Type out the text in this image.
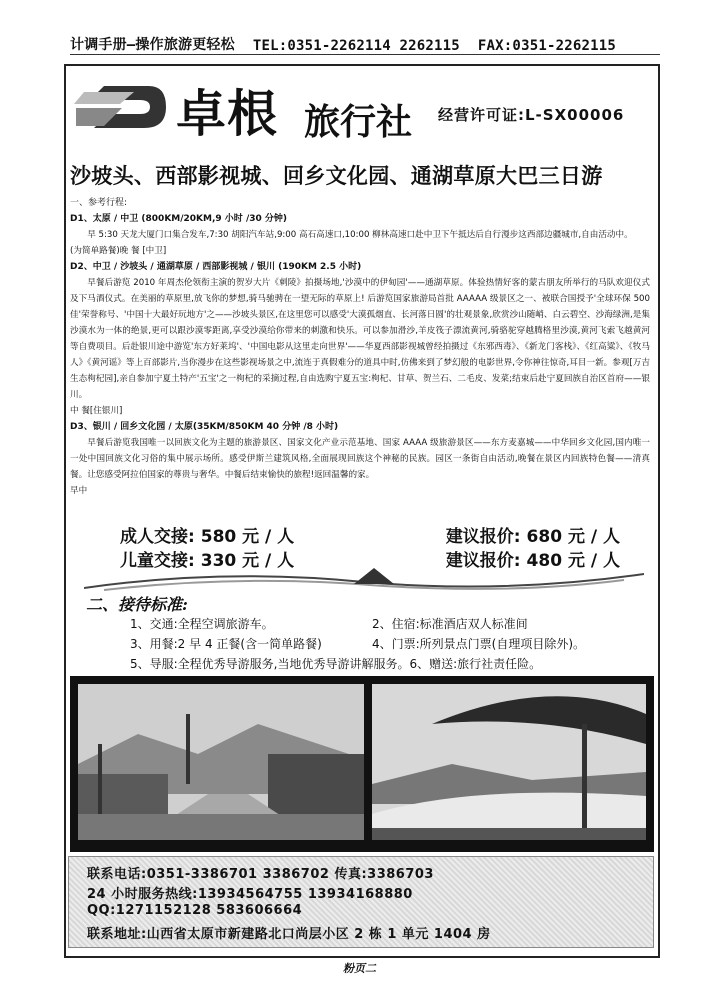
计调手册—操作旅游更轻松 TEL:0351-2262114 2262115 FAX:0351-2262115
卓根 旅行社 经营许可证:L-SX00006
沙坡头、西部影视城、回乡文化园、通湖草原大巴三日游
一、参考行程:
D1、太原 / 中卫 (800KM/20KM,9 小时 /30 分钟)

早 5:30 天龙大厦门口集合发车,7:30 胡阳汽车站,9:00 高石高速口,10:00 柳林高速口赴中卫下午抵达后自行漫步这西部边疆城市,自由活动中。

(为简单路餐)晚 餐 [中卫]

D2、中卫 / 沙坡头 / 通湖草原 / 西部影视城 / 银川 (190KM 2.5 小时)

早餐后游览 2010 年周杰伦领衔主演的贺岁大片《刺陵》拍摄场地,'沙漠中的伊甸园'——通湖草原。体验热情好客的蒙古朋友所举行的马队欢迎仪式及下马酒仪式。在美丽的草原里,放飞你的梦想,骑马驰骋在一望无际的草原上! 后游览国家旅游局首批 AAAAA 级景区之一、被联合国授予'全球环保 500 佳'荣誉称号、'中国十大最好玩地方'之——沙坡头景区,在这里您可以感受'大漠孤烟直、长河落日圆'的壮观景象,欣赏沙山随峭、白云碧空、沙海绿洲,是集沙漠水为一体的绝景,更可以跟沙漠零距离,享受沙漠给你带来的刺激和快乐。可以参加滑沙,羊皮筏子漂流黄河,骑骆驼穿越腾格里沙漠,黄河飞索飞越黄河等自费项目。后赴银川途中游览'东方好莱坞'、'中国电影从这里走向世界'——华夏西部影视城曾经拍摄过《东邪西毒》、《新龙门客栈》、《红高粱》、《牧马人》《黄河谣》等上百部影片,当你漫步在这些影视场景之中,流连于真假难分的道具中时,仿佛来到了梦幻般的电影世界,令你神往惊奇,耳目一新。参观[万吉生态枸杞园],亲自参加宁夏土特产'五宝'之一枸杞的采摘过程,自由选购宁夏五宝:枸杞、甘草、贺兰石、二毛皮、发菜;结束后赴宁夏回族自治区首府——银川。

中 餐[住银川]

D3、银川 / 回乡文化园 / 太原(35KM/850KM 40 分钟 /8 小时)

早餐后游览我国唯一以回族文化为主题的旅游景区、国家文化产业示范基地、国家 AAAA 级旅游景区——东方麦嘉城——中华回乡文化园,国内唯一一处中国回族文化习俗的集中展示场所。感受伊斯兰建筑风格,全面展现回族这个神秘的民族。园区一条街自由活动,晚餐在景区内回族特色餐——清真餐。让您感受阿拉伯国家的尊贵与奢华。中餐后结束愉快的旅程!返回温馨的家。

早中

成人交接: 580 元 / 人	建议报价: 680 元 / 人
儿童交接: 330 元 / 人	建议报价: 480 元 / 人
二、接待标准:
1、交通:全程空调旅游车。	2、住宿:标准酒店双人标准间
3、用餐:2 早 4 正餐(含一简单路餐)	4、门票:所列景点门票(自理项目除外)。
5、导服:全程优秀导游服务,当地优秀导游讲解服务。6、赠送:旅行社责任险。
联系电话:0351-3386701 3386702 传真:3386703
24 小时服务热线:13934564755 13934168880
QQ:1271152128 583606664
联系地址:山西省太原市新建路北口尚层小区 2 栋 1 单元 1404 房
粉页二
